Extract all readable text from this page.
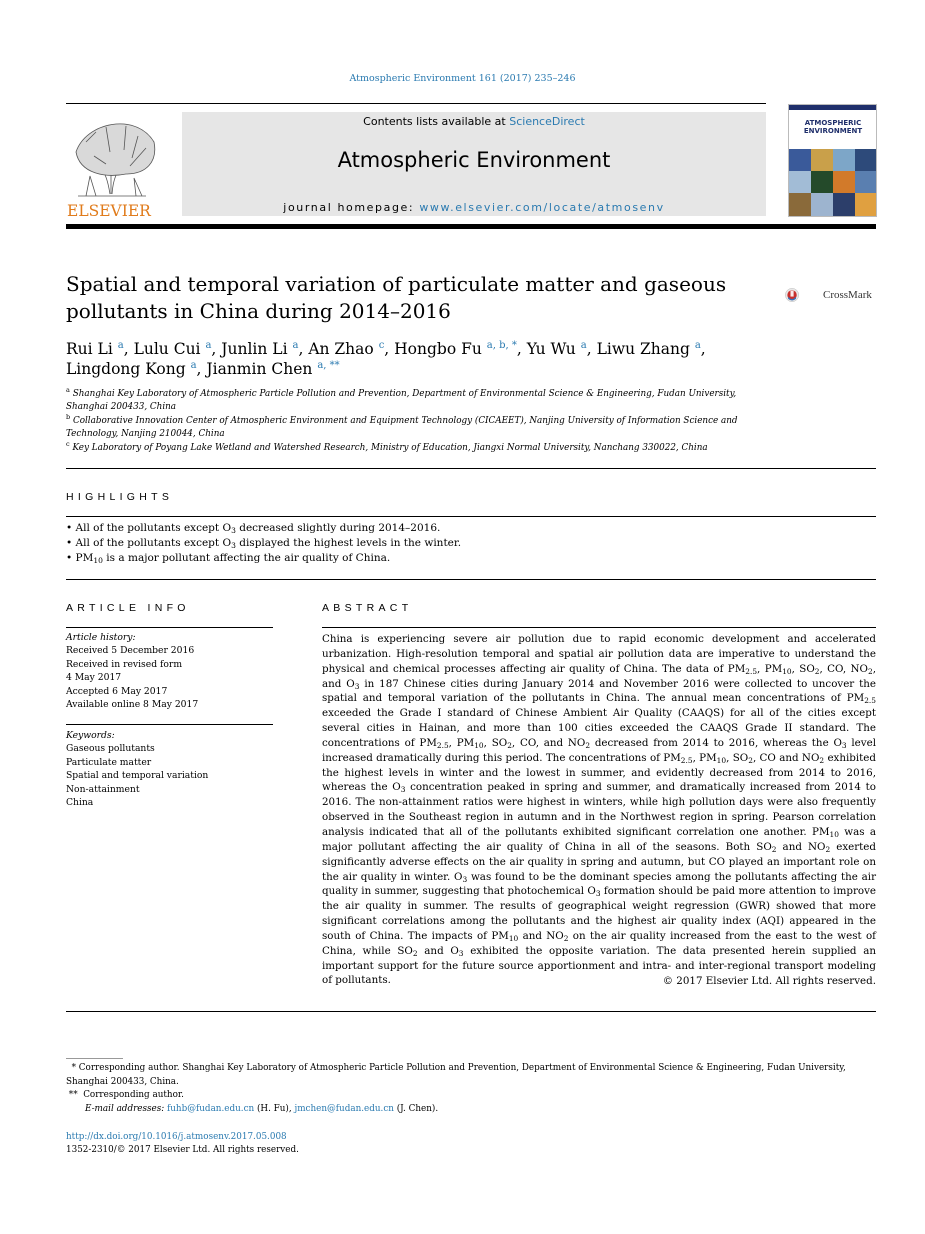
Atmospheric Environment 161 (2017) 235–246
ELSEVIER
Contents lists available at ScienceDirect
Atmospheric Environment
journal homepage: www.elsevier.com/locate/atmosenv
ATMOSPHERIC ENVIRONMENT
Spatial and temporal variation of particulate matter and gaseous
pollutants in China during 2014–2016
CrossMark
Rui Li $^a$, Lulu Cui $^a$, Junlin Li $^a$, An Zhao $^c$, Hongbo Fu $^{a, b, *}$, Yu Wu $^a$, Liwu Zhang $^a$,
Lingdong Kong $^a$, Jianmin Chen $^{a, **}$

$^a$ Shanghai Key Laboratory of Atmospheric Particle Pollution and Prevention, Department of Environmental Science & Engineering, Fudan University, Shanghai 200433, China

$^b$ Collaborative Innovation Center of Atmospheric Environment and Equipment Technology (CICAEET), Nanjing University of Information Science and Technology, Nanjing 210044, China

$^c$ Key Laboratory of Poyang Lake Wetland and Watershed Research, Ministry of Education, Jiangxi Normal University, Nanchang 330022, China

HIGHLIGHTS
• All of the pollutants except $O_3$ decreased slightly during 2014–2016.
• All of the pollutants except $O_3$ displayed the highest levels in the winter.
• $PM_{10}$ is a major pollutant affecting the air quality of China.
ARTICLE INFO
Article history:
Received 5 December 2016
Received in revised form
4 May 2017
Accepted 6 May 2017
Available online 8 May 2017
Keywords:
Gaseous pollutants
Particulate matter
Spatial and temporal variation
Non-attainment
China
ABSTRACT
China is experiencing severe air pollution due to rapid economic development and accelerated urbanization. High-resolution temporal and spatial air pollution data are imperative to understand the physical and chemical processes affecting air quality of China. The data of $PM_{2.5}$, $PM_{10}$, $SO_2$, CO, $NO_2$, and $O_3$ in 187 Chinese cities during January 2014 and November 2016 were collected to uncover the spatial and temporal variation of the pollutants in China. The annual mean concentrations of $PM_{2.5}$ exceeded the Grade I standard of Chinese Ambient Air Quality (CAAQS) for all of the cities except several cities in Hainan, and more than 100 cities exceeded the CAAQS Grade II standard. The concentrations of $PM_{2.5}$, $PM_{10}$, $SO_2$, CO, and $NO_2$ decreased from 2014 to 2016, whereas the $O_3$ level increased dramatically during this period. The concentrations of $PM_{2.5}$, $PM_{10}$, $SO_2$, CO and $NO_2$ exhibited the highest levels in winter and the lowest in summer, and evidently decreased from 2014 to 2016, whereas the $O_3$ concentration peaked in spring and summer, and dramatically increased from 2014 to 2016. The non-attainment ratios were highest in winters, while high pollution days were also frequently observed in the Southeast region in autumn and in the Northwest region in spring. Pearson correlation analysis indicated that all of the pollutants exhibited significant correlation one another. $PM_{10}$ was a major pollutant affecting the air quality of China in all of the seasons. Both $SO_2$ and $NO_2$ exerted significantly adverse effects on the air quality in spring and autumn, but CO played an important role on the air quality in winter. $O_3$ was found to be the dominant species among the pollutants affecting the air quality in summer, suggesting that photochemical $O_3$ formation should be paid more attention to improve the air quality in summer. The results of geographical weight regression (GWR) showed that more significant correlations among the pollutants and the highest air quality index (AQI) appeared in the south of China. The impacts of $PM_{10}$ and $NO_2$ on the air quality increased from the east to the west of China, while $SO_2$ and $O_3$ exhibited the opposite variation. The data presented herein supplied an important support for the future source apportionment and intra- and inter-regional transport modeling of pollutants.	© 2017 Elsevier Ltd. All rights reserved.

* Corresponding author. Shanghai Key Laboratory of Atmospheric Particle Pollution and Prevention, Department of Environmental Science & Engineering, Fudan University, Shanghai 200433, China.

**  Corresponding author.

E-mail addresses: fuhb@fudan.edu.cn (H. Fu), jmchen@fudan.edu.cn (J. Chen).

http://dx.doi.org/10.1016/j.atmosenv.2017.05.008
1352-2310/© 2017 Elsevier Ltd. All rights reserved.
